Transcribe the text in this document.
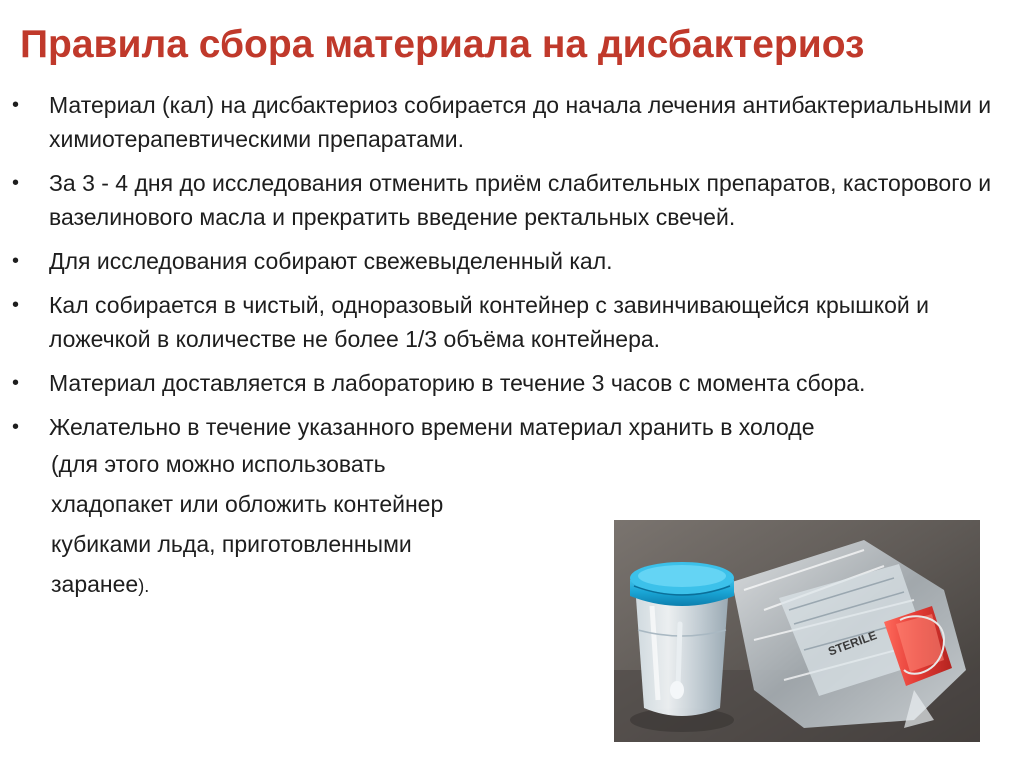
Правила сбора материала на дисбактериоз
• Материал (кал) на дисбактериоз собирается до начала лечения антибактериальными и химиотерапевтическими препаратами.
• За 3 - 4 дня до исследования отменить приём слабительных препаратов, касторового и вазелинового масла и прекратить введение ректальных свечей.
• Для исследования собирают свежевыделенный кал.
• Кал собирается в чистый, одноразовый контейнер с завинчивающейся крышкой и ложечкой в количестве не более 1/3 объёма контейнера.
• Материал доставляется в лабораторию в течение 3 часов с момента сбора.
• Желательно в течение указанного времени материал хранить в холоде
(для этого можно использовать
хладопакет или обложить контейнер
кубиками льда, приготовленными
заранее).
STERILE
